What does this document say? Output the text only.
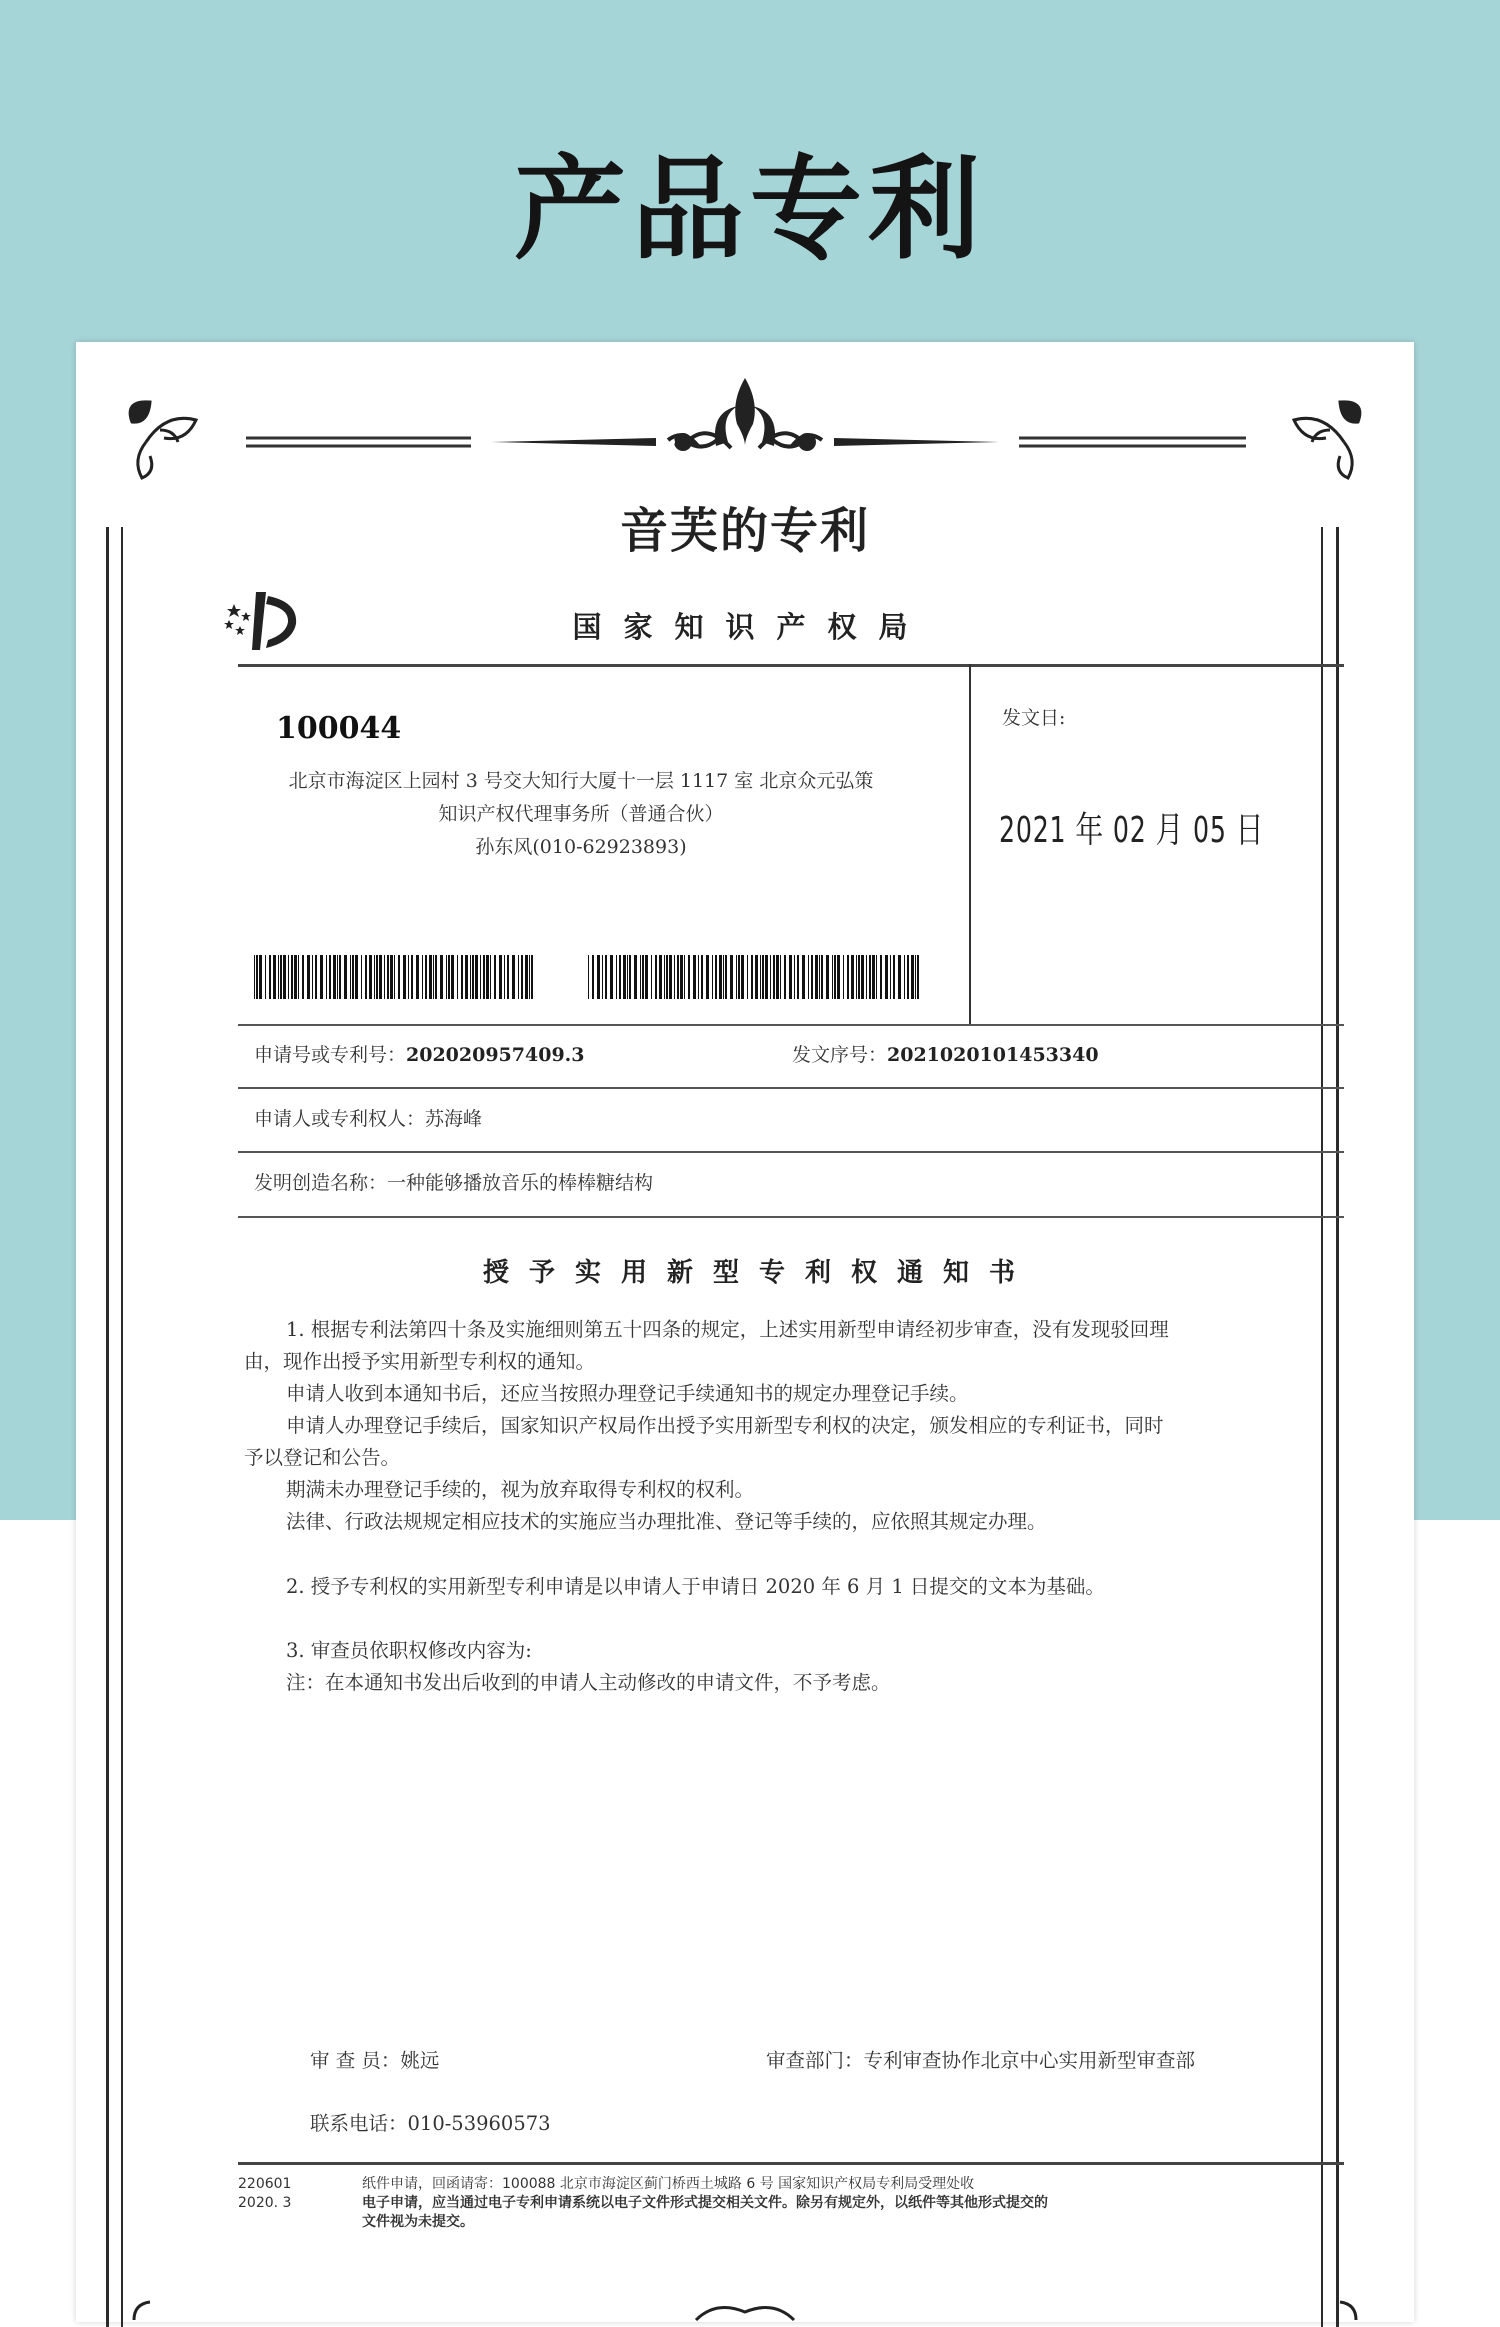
产品专利
音芙的专利
国家知识产权局
100044
北京市海淀区上园村 3 号交大知行大厦十一层 1117 室 北京众元弘策
知识产权代理事务所（普通合伙）
孙东风(010-62923893)
发文日:
2021 年 02 月 05 日
申请号或专利号：202020957409.3	发文序号：2021020101453340
申请人或专利权人：苏海峰
发明创造名称：一种能够播放音乐的棒棒糖结构
授予实用新型专利权通知书
1. 根据专利法第四十条及实施细则第五十四条的规定，上述实用新型申请经初步审查，没有发现驳回理
由，现作出授予实用新型专利权的通知。
申请人收到本通知书后，还应当按照办理登记手续通知书的规定办理登记手续。
申请人办理登记手续后，国家知识产权局作出授予实用新型专利权的决定，颁发相应的专利证书，同时
予以登记和公告。
期满未办理登记手续的，视为放弃取得专利权的权利。
法律、行政法规规定相应技术的实施应当办理批准、登记等手续的，应依照其规定办理。
2. 授予专利权的实用新型专利申请是以申请人于申请日 2020 年 6 月 1 日提交的文本为基础。
3. 审查员依职权修改内容为:
注：在本通知书发出后收到的申请人主动修改的申请文件，不予考虑。
审 查 员：姚远	审查部门：专利审查协作北京中心实用新型审查部
联系电话：010-53960573
220601
2020. 3
纸件申请，回函请寄：100088 北京市海淀区蓟门桥西土城路 6 号 国家知识产权局专利局受理处收
电子申请，应当通过电子专利申请系统以电子文件形式提交相关文件。除另有规定外，以纸件等其他形式提交的
文件视为未提交。
